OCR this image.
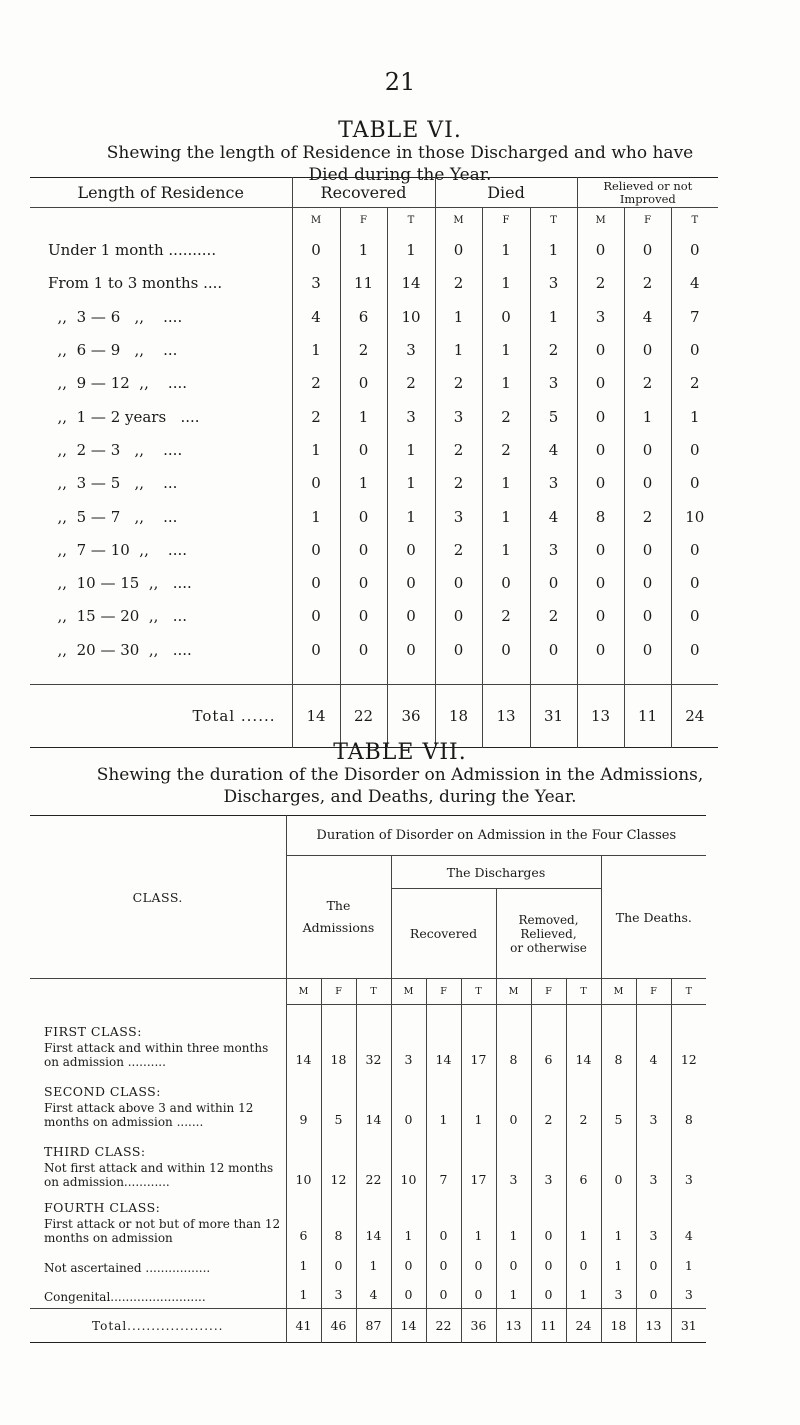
21
TABLE VI.
Shewing the length of Residence in those Discharged and who have
Died during the Year.
Length of Residence	Recovered			Died			Relieved or not
Improved		

	M	F	T	M	F	T	M	F	T
Under 1 month ..........	0	1	1	0	1	1	0	0	0
From 1 to 3 months ....	3	11	14	2	1	3	2	2	4
,,  3 — 6   ,,    ....	4	6	10	1	0	1	3	4	7
,,  6 — 9   ,,    ...	1	2	3	1	1	2	0	0	0
,,  9 — 12  ,,    ....	2	0	2	2	1	3	0	2	2
,,  1 — 2 years   ....	2	1	3	3	2	5	0	1	1
,,  2 — 3   ,,    ....	1	0	1	2	2	4	0	0	0
,,  3 — 5   ,,    ...	0	1	1	2	1	3	0	0	0
,,  5 — 7   ,,    ...	1	0	1	3	1	4	8	2	10
,,  7 — 10  ,,    ....	0	0	0	2	1	3	0	0	0
,,  10 — 15  ,,   ....	0	0	0	0	0	0	0	0	0
,,  15 — 20  ,,   ...	0	0	0	0	2	2	0	0	0
,,  20 — 30  ,,   ....	0	0	0	0	0	0	0	0	0

Total ......	14	22	36	18	13	31	13	11	24
TABLE VII.
Shewing the duration of the Disorder on Admission in the Admissions,
Discharges, and Deaths, during the Year.
CLASS.	Duration of Disorder on Admission in the Four Classes											

	The
Admissions			The Discharges						The Deaths.		
				Recovered			Removed,
Relieved,
or otherwise					

	M	F	T	M	F	T	M	F	T	M	F	T

FIRST CLASS:
First attack and within three months on admission ..........	14	18	32	3	14	17	8	6	14	8	4	12

SECOND CLASS:
First attack above 3 and within 12 months on admission .......	9	5	14	0	1	1	0	2	2	5	3	8

THIRD CLASS:
Not first attack and within 12 months on admission............	10	12	22	10	7	17	3	3	6	0	3	3

FOURTH CLASS:
First attack or not but of more than 12 months on admission	6	8	14	1	0	1	1	0	1	1	3	4
Not ascertained .................	1	0	1	0	0	0	0	0	0	1	0	1
Congenital.........................	1	3	4	0	0	0	1	0	1	3	0	3
Total....................	41	46	87	14	22	36	13	11	24	18	13	31
